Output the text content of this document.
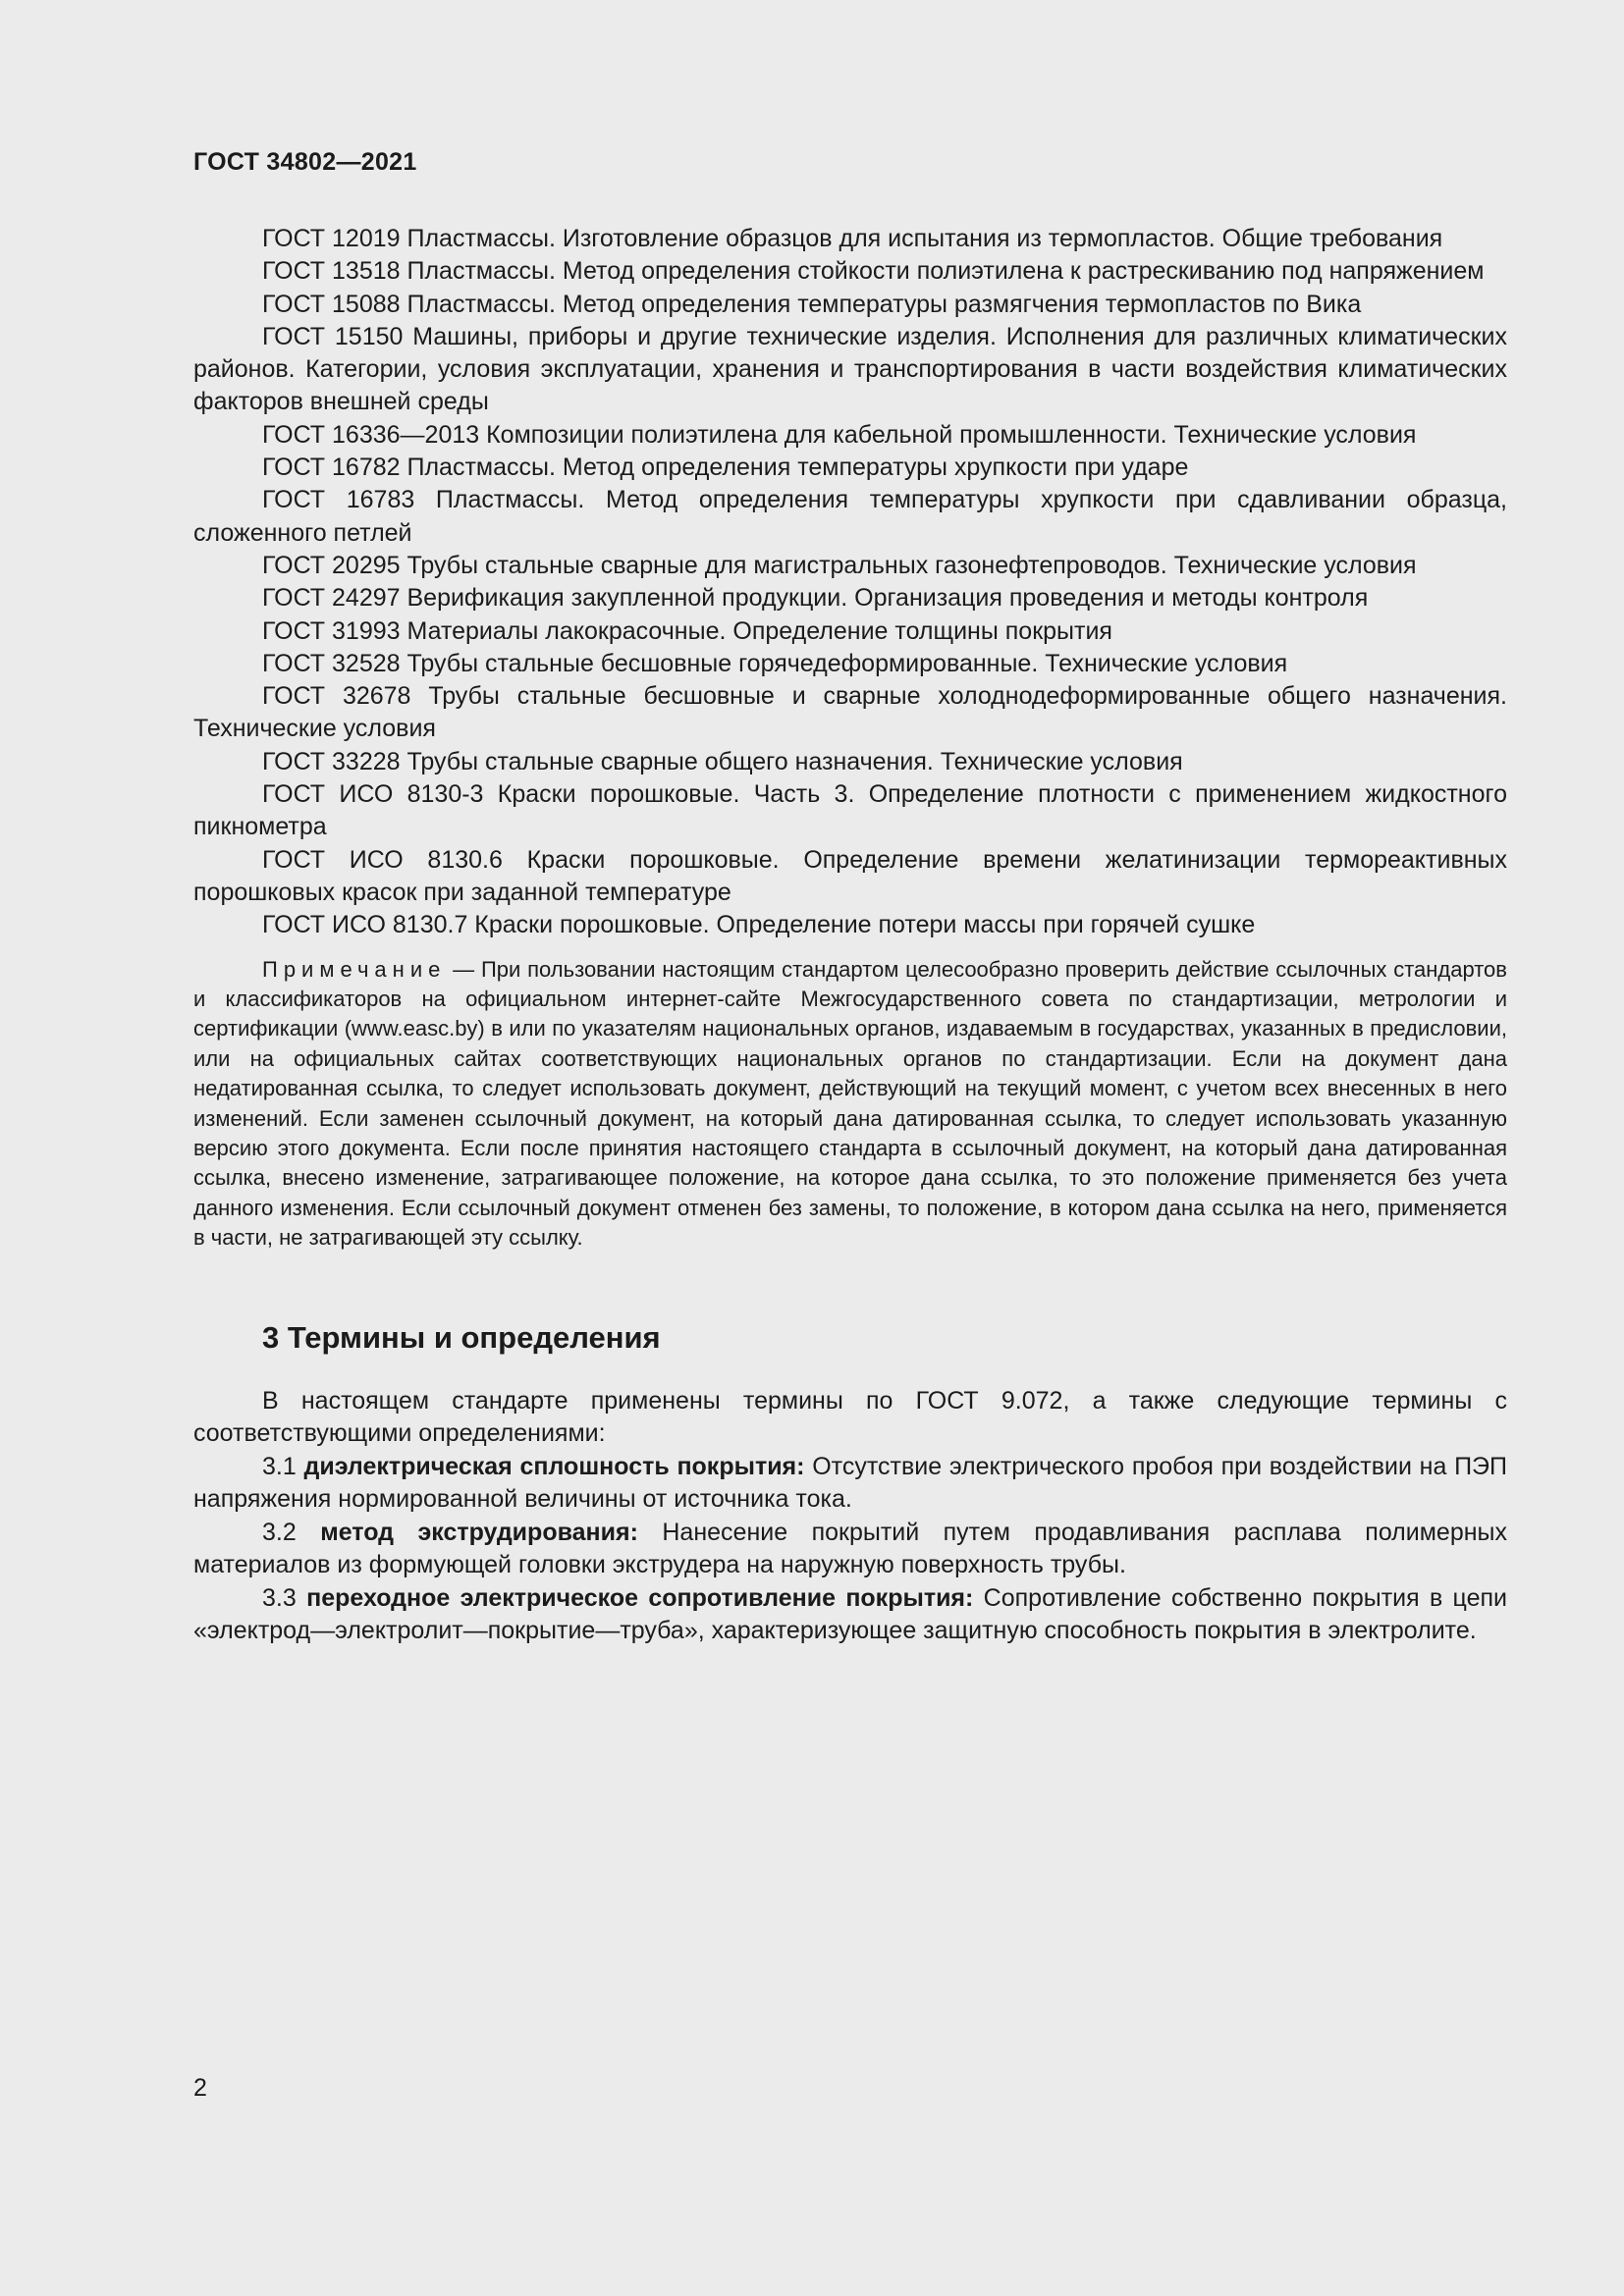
ГОСТ 34802—2021

ГОСТ 12019 Пластмассы. Изготовление образцов для испытания из термопластов. Общие требования

ГОСТ 13518 Пластмассы. Метод определения стойкости полиэтилена к растрескиванию под напряжением

ГОСТ 15088 Пластмассы. Метод определения температуры размягчения термопластов по Вика

ГОСТ 15150 Машины, приборы и другие технические изделия. Исполнения для различных климатических районов. Категории, условия эксплуатации, хранения и транспортирования в части воздействия климатических факторов внешней среды

ГОСТ 16336—2013 Композиции полиэтилена для кабельной промышленности. Технические условия

ГОСТ 16782 Пластмассы. Метод определения температуры хрупкости при ударе

ГОСТ 16783 Пластмассы. Метод определения температуры хрупкости при сдавливании образца, сложенного петлей

ГОСТ 20295 Трубы стальные сварные для магистральных газонефтепроводов. Технические условия

ГОСТ 24297 Верификация закупленной продукции. Организация проведения и методы контроля

ГОСТ 31993 Материалы лакокрасочные. Определение толщины покрытия

ГОСТ 32528 Трубы стальные бесшовные горячедеформированные. Технические условия

ГОСТ 32678 Трубы стальные бесшовные и сварные холоднодеформированные общего назначения. Технические условия

ГОСТ 33228 Трубы стальные сварные общего назначения. Технические условия

ГОСТ ИСО 8130-3 Краски порошковые. Часть 3. Определение плотности с применением жидкостного пикнометра

ГОСТ ИСО 8130.6 Краски порошковые. Определение времени желатинизации термореактивных порошковых красок при заданной температуре

ГОСТ ИСО 8130.7 Краски порошковые. Определение потери массы при горячей сушке

Примечание — При пользовании настоящим стандартом целесообразно проверить действие ссылочных стандартов и классификаторов на официальном интернет-сайте Межгосударственного совета по стандартизации, метрологии и сертификации (www.easc.by) в или по указателям национальных органов, издаваемым в государствах, указанных в предисловии, или на официальных сайтах соответствующих национальных органов по стандартизации. Если на документ дана недатированная ссылка, то следует использовать документ, действующий на текущий момент, с учетом всех внесенных в него изменений. Если заменен ссылочный документ, на который дана датированная ссылка, то следует использовать указанную версию этого документа. Если после принятия настоящего стандарта в ссылочный документ, на который дана датированная ссылка, внесено изменение, затрагивающее положение, на которое дана ссылка, то это положение применяется без учета данного изменения. Если ссылочный документ отменен без замены, то положение, в котором дана ссылка на него, применяется в части, не затрагивающей эту ссылку.

3 Термины и определения

В настоящем стандарте применены термины по ГОСТ 9.072, а также следующие термины с соответствующими определениями:

3.1 диэлектрическая сплошность покрытия: Отсутствие электрического пробоя при воздействии на ПЭП напряжения нормированной величины от источника тока.

3.2 метод экструдирования: Нанесение покрытий путем продавливания расплава полимерных материалов из формующей головки экструдера на наружную поверхность трубы.

3.3 переходное электрическое сопротивление покрытия: Сопротивление собственно покрытия в цепи «электрод—электролит—покрытие—труба», характеризующее защитную способность покрытия в электролите.

2
